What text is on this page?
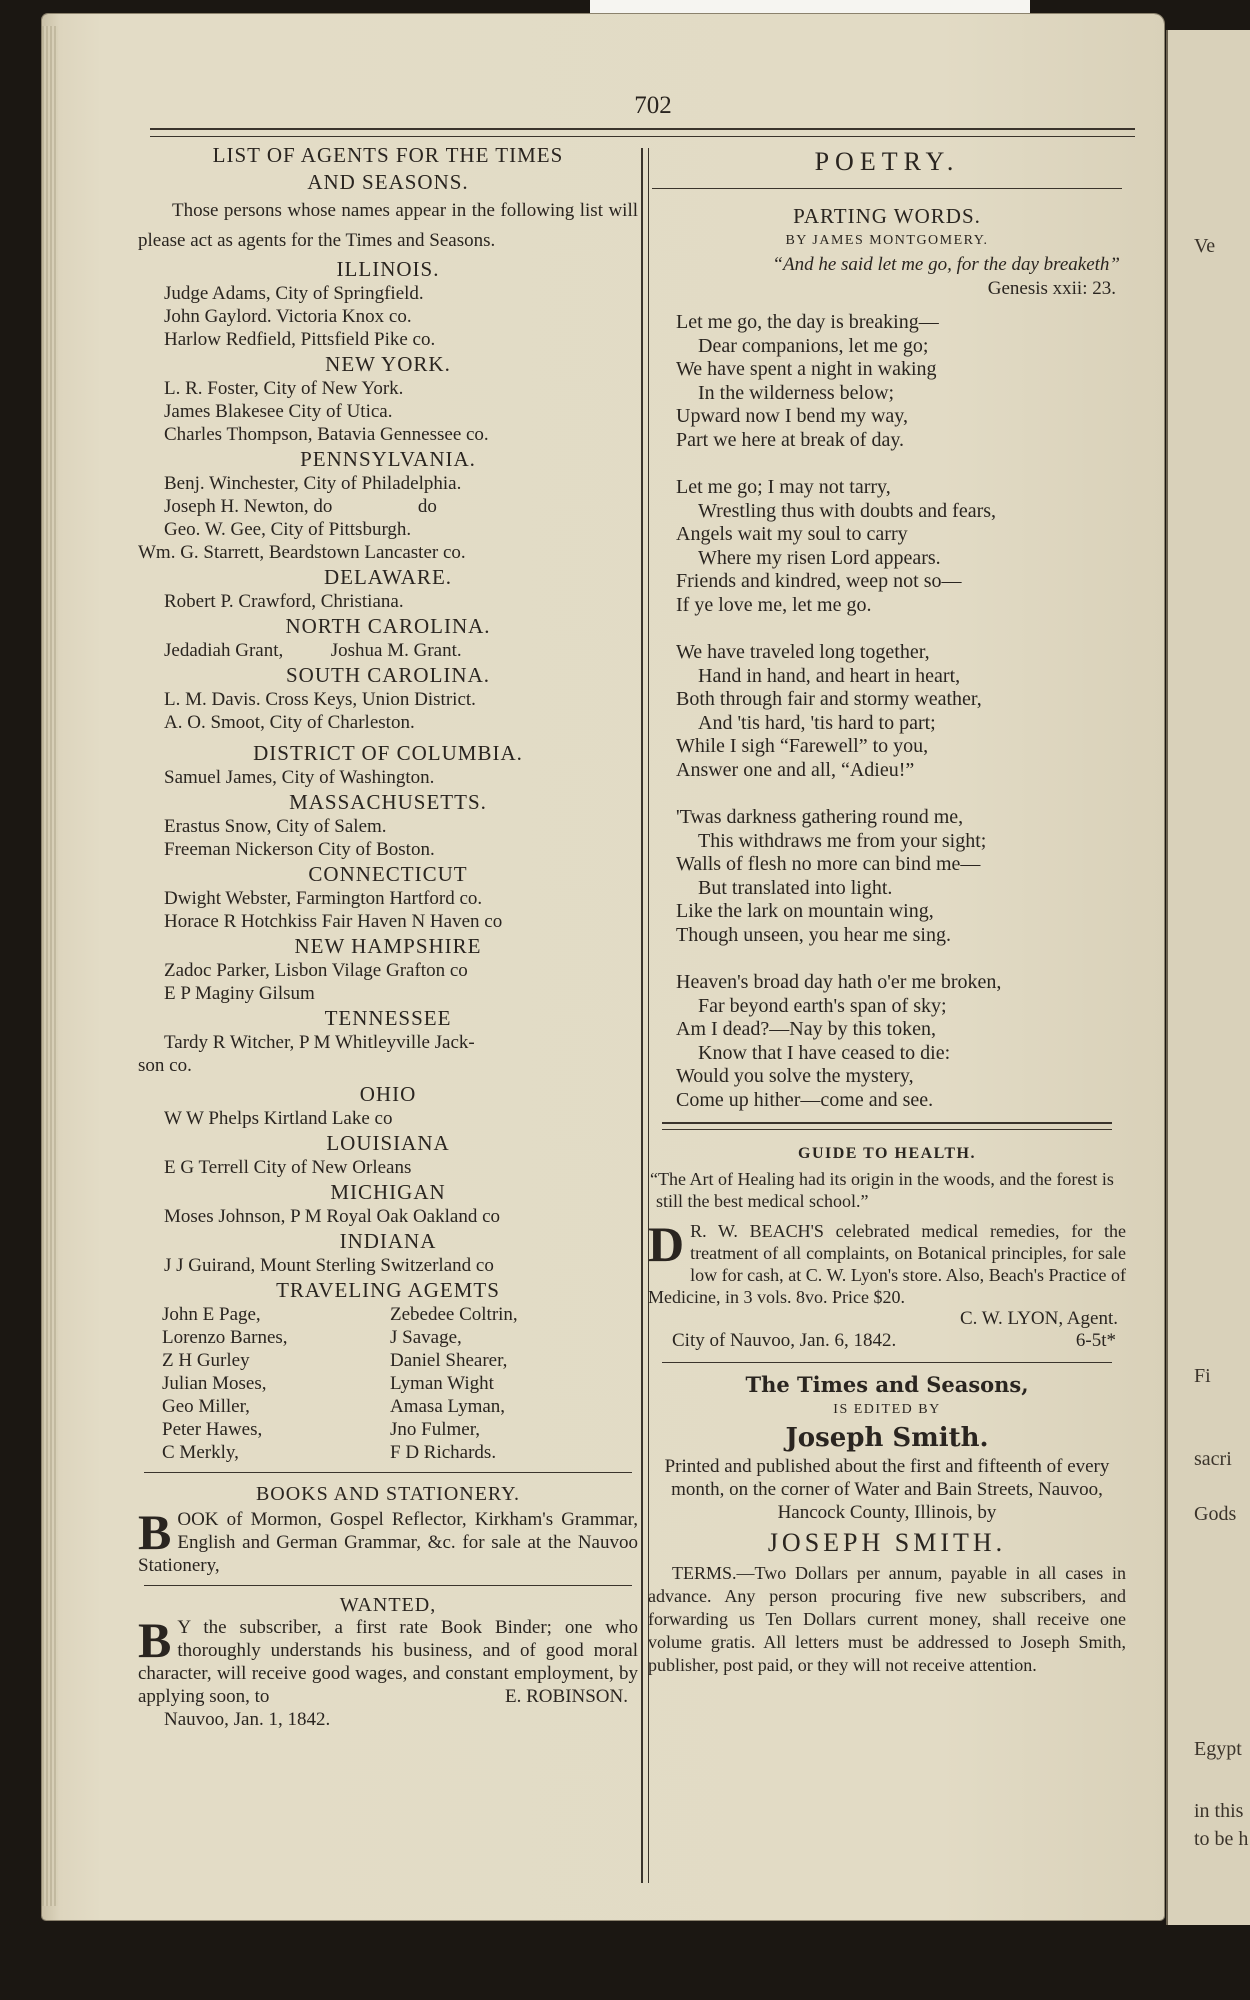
Ve
Fi
sacri
Gods
Egypt
in this
to be h
702
LIST OF AGENTS FOR THE TIMES
AND SEASONS.
Those persons whose names appear in the following list will please act as agents for the Times and Seasons.
ILLINOIS.
Judge Adams, City of Springfield.
John Gaylord. Victoria Knox co.
Harlow Redfield, Pittsfield Pike co.
NEW YORK.
L. R. Foster, City of New York.
James Blakesee City of Utica.
Charles Thompson, Batavia Gennessee co.
PENNSYLVANIA.
Benj. Winchester, City of Philadelphia.
Joseph H. Newton, do                  do
Geo. W. Gee, City of Pittsburgh.
Wm. G. Starrett, Beardstown Lancaster co.
DELAWARE.
Robert P. Crawford, Christiana.
NORTH CAROLINA.
Jedadiah Grant,          Joshua M. Grant.
SOUTH CAROLINA.
L. M. Davis. Cross Keys, Union District.
A. O. Smoot, City of Charleston.
DISTRICT OF COLUMBIA.
Samuel James, City of Washington.
MASSACHUSETTS.
Erastus Snow, City of Salem.
Freeman Nickerson City of Boston.
CONNECTICUT
Dwight Webster, Farmington Hartford co.
Horace R Hotchkiss Fair Haven N Haven co
NEW HAMPSHIRE
Zadoc Parker, Lisbon Vilage Grafton co
E P Maginy Gilsum
TENNESSEE
Tardy R Witcher, P M Whitleyville Jack-
son co.
OHIO
W W Phelps Kirtland Lake co
LOUISIANA
E G Terrell City of New Orleans
MICHIGAN
Moses Johnson, P M Royal Oak Oakland co
INDIANA
J J Guirand, Mount Sterling Switzerland co
TRAVELING AGEMTS
John E Page,
Lorenzo Barnes,
Z H Gurley
Julian Moses,
Geo Miller,
Peter Hawes,
C Merkly,
Zebedee Coltrin,
J Savage,
Daniel Shearer,
Lyman Wight
Amasa Lyman,
Jno Fulmer,
F D Richards.
BOOKS AND STATIONERY.
BOOK of Mormon, Gospel Reflector, Kirkham's Grammar, English and German Grammar, &c. for sale at the Nauvoo Stationery,
WANTED,
B Y the subscriber, a first rate Book Binder; one who thoroughly understands his business, and of good moral character, will receive good wages, and constant employment, by applying soon, to	E. ROBINSON.
Nauvoo, Jan. 1, 1842.
POETRY.
PARTING WORDS.
BY JAMES MONTGOMERY.
“And he said let me go, for the day breaketh”
Genesis xxii: 23.
Let me go, the day is breaking—
Dear companions, let me go;
We have spent a night in waking
In the wilderness below;
Upward now I bend my way,
Part we here at break of day.
Let me go; I may not tarry,
Wrestling thus with doubts and fears,
Angels wait my soul to carry
Where my risen Lord appears.
Friends and kindred, weep not so—
If ye love me, let me go.
We have traveled long together,
Hand in hand, and heart in heart,
Both through fair and stormy weather,
And 'tis hard, 'tis hard to part;
While I sigh “Farewell” to you,
Answer one and all, “Adieu!”
'Twas darkness gathering round me,
This withdraws me from your sight;
Walls of flesh no more can bind me—
But translated into light.
Like the lark on mountain wing,
Though unseen, you hear me sing.
Heaven's broad day hath o'er me broken,
Far beyond earth's span of sky;
Am I dead?—Nay by this token,
Know that I have ceased to die:
Would you solve the mystery,
Come up hither—come and see.
GUIDE TO HEALTH.
“The Art of Healing had its origin in the woods, and the forest is still the best medical school.”
D R. W. BEACH'S celebrated medical remedies, for the treatment of all complaints, on Botanical principles, for sale low for cash, at C. W. Lyon's store. Also, Beach's Practice of Medicine, in 3 vols. 8vo. Price $20.
C. W. LYON, Agent.
City of Nauvoo, Jan. 6, 1842.	6-5t*
The Times and Seasons,
IS EDITED BY
Joseph Smith.
Printed and published about the first and fifteenth of every month, on the corner of Water and Bain Streets, Nauvoo, Hancock County, Illinois, by
JOSEPH SMITH.
TERMS.—Two Dollars per annum, payable in all cases in advance. Any person procuring five new subscribers, and forwarding us Ten Dollars current money, shall receive one volume gratis. All letters must be addressed to Joseph Smith, publisher, post paid, or they will not receive attention.
